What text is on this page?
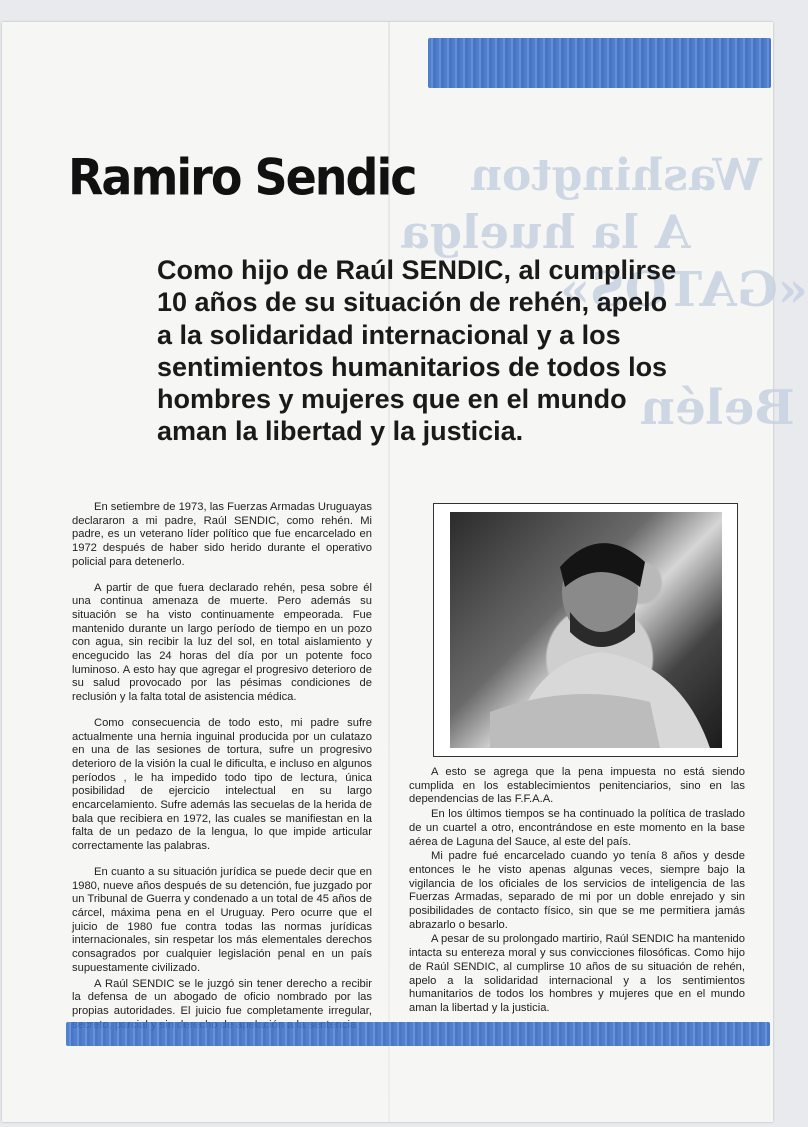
Washington
A la huelga
«GATOS»
Belén
Ramiro Sendic
Como hijo de Raúl SENDIC, al cumplirse 10 años de su situación de rehén, apelo a la solidaridad internacional y a los sentimientos humanitarios de todos los hombres y mujeres que en el mundo aman la libertad y la justicia.

En setiembre de 1973, las Fuerzas Armadas Uruguayas declararon a mi padre, Raúl SENDIC, como rehén. Mi padre, es un veterano líder político que fue encarcelado en 1972 después de haber sido herido durante el operativo policial para detenerlo.

A partir de que fuera declarado rehén, pesa sobre él una continua amenaza de muerte. Pero además su situación se ha visto continuamente empeorada. Fue mantenido durante un largo período de tiempo en un pozo con agua, sin recibir la luz del sol, en total aislamiento y encegucido las 24 horas del día por un potente foco luminoso. A esto hay que agregar el progresivo deterioro de su salud provocado por las pésimas condiciones de reclusión y la falta total de asistencia médica.

Como consecuencia de todo esto, mi padre sufre actualmente una hernia inguinal producida por un culatazo en una de las sesiones de tortura, sufre un progresivo deterioro de la visión la cual le dificulta, e incluso en algunos períodos , le ha impedido todo tipo de lectura, única posibilidad de ejercicio intelectual en su largo encarcelamiento. Sufre además las secuelas de la herida de bala que recibiera en 1972, las cuales se manifiestan en la falta de un pedazo de la lengua, lo que impide articular correctamente las palabras.

En cuanto a su situación jurídica se puede decir que en 1980, nueve años después de su detención, fue juzgado por un Tribunal de Guerra y condenado a un total de 45 años de cárcel, máxima pena en el Uruguay. Pero ocurre que el juicio de 1980 fue contra todas las normas jurídicas internacionales, sin respetar los más elementales derechos consagrados por cualquier legislación penal en un país supuestamente civilizado.

A Raúl SENDIC se le juzgó sin tener derecho a recibir la defensa de un abogado de oficio nombrado por las propias autoridades. El juicio fue completamente irregular,

A esto se agrega que la pena impuesta no está siendo cumplida en los establecimientos penitenciarios, sino en las dependencias de las F.F.A.A.

En los últimos tiempos se ha continuado la política de traslado de un cuartel a otro, encontrándose en este momento en la base aérea de Laguna del Sauce, al este del país.

Mi padre fué encarcelado cuando yo tenía 8 años y desde entonces le he visto apenas algunas veces, siempre bajo la vigilancia de los oficiales de los servicios de inteligencia de las Fuerzas Armadas, separado de mi por un doble enrejado y sin posibilidades de contacto físico, sin que se me permitiera jamás abrazarlo o besarlo.

A pesar de su prolongado martirio, Raúl SENDIC ha mantenido intacta su entereza moral y sus convicciones filosóficas. Como hijo de Raúl SENDIC, al cumplirse 10 años de su situación de rehén, apelo a la solidaridad internacional y a los sentimientos humanitarios de todos los hombres y mujeres que en el mundo aman la libertad y la justicia.
